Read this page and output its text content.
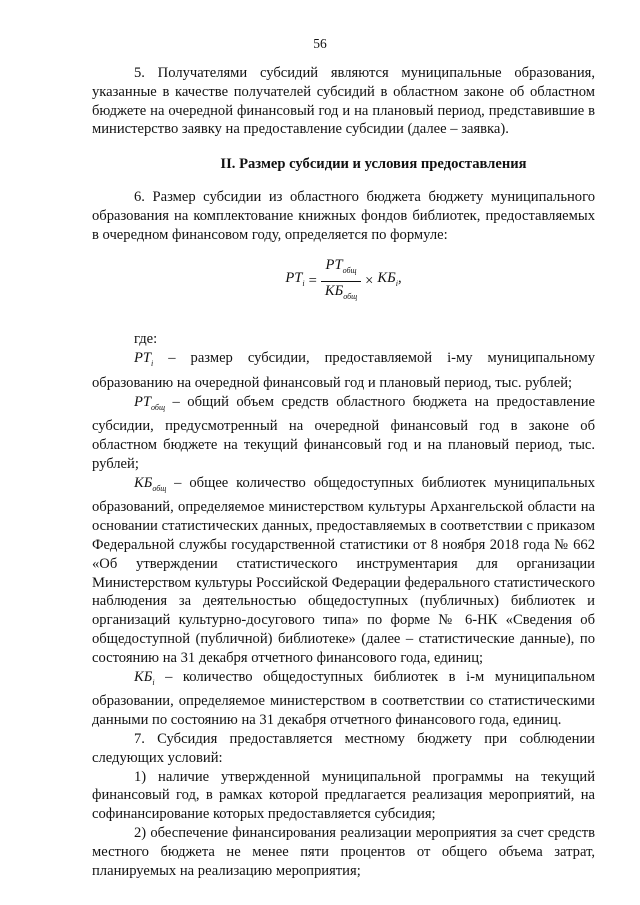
56

5. Получателями субсидий являются муниципальные образования, указанные в качестве получателей субсидий в областном законе об областном бюджете на очередной финансовый год и на плановый период, представившие в министерство заявку на предоставление субсидии (далее – заявка).

II. Размер субсидии и условия предоставления

6. Размер субсидии из областного бюджета бюджету муниципального образования на комплектование книжных фондов библиотек, предоставляемых в очередном финансовом году, определяется по формуле:

$PT_i = \frac{PT_{общ}}{КБ_{общ}} \times КБ_i$,

где:

$PT_i$ – размер субсидии, предоставляемой i-му муниципальному образованию на очередной финансовый год и плановый период, тыс. рублей;

$PT_{общ}$ – общий объем средств областного бюджета на предоставление субсидии, предусмотренный на очередной финансовый год в законе об областном бюджете на текущий финансовый год и на плановый период, тыс. рублей;

$КБ_{общ}$ – общее количество общедоступных библиотек муниципальных образований, определяемое министерством культуры Архангельской области на основании статистических данных, предоставляемых в соответствии с приказом Федеральной службы государственной статистики от 8 ноября 2018 года № 662 «Об утверждении статистического инструментария для организации Министерством культуры Российской Федерации федерального статистического наблюдения за деятельностью общедоступных (публичных) библиотек и организаций культурно-досугового типа» по форме № 6-НК «Сведения об общедоступной (публичной) библиотеке» (далее – статистические данные), по состоянию на 31 декабря отчетного финансового года, единиц;

$КБ_i$ – количество общедоступных библиотек в i-м муниципальном образовании, определяемое министерством в соответствии со статистическими данными по состоянию на 31 декабря отчетного финансового года, единиц.

7. Субсидия предоставляется местному бюджету при соблюдении следующих условий:

1) наличие утвержденной муниципальной программы на текущий финансовый год, в рамках которой предлагается реализация мероприятий, на софинансирование которых предоставляется субсидия;

2) обеспечение финансирования реализации мероприятия за счет средств местного бюджета не менее пяти процентов от общего объема затрат, планируемых на реализацию мероприятия;
